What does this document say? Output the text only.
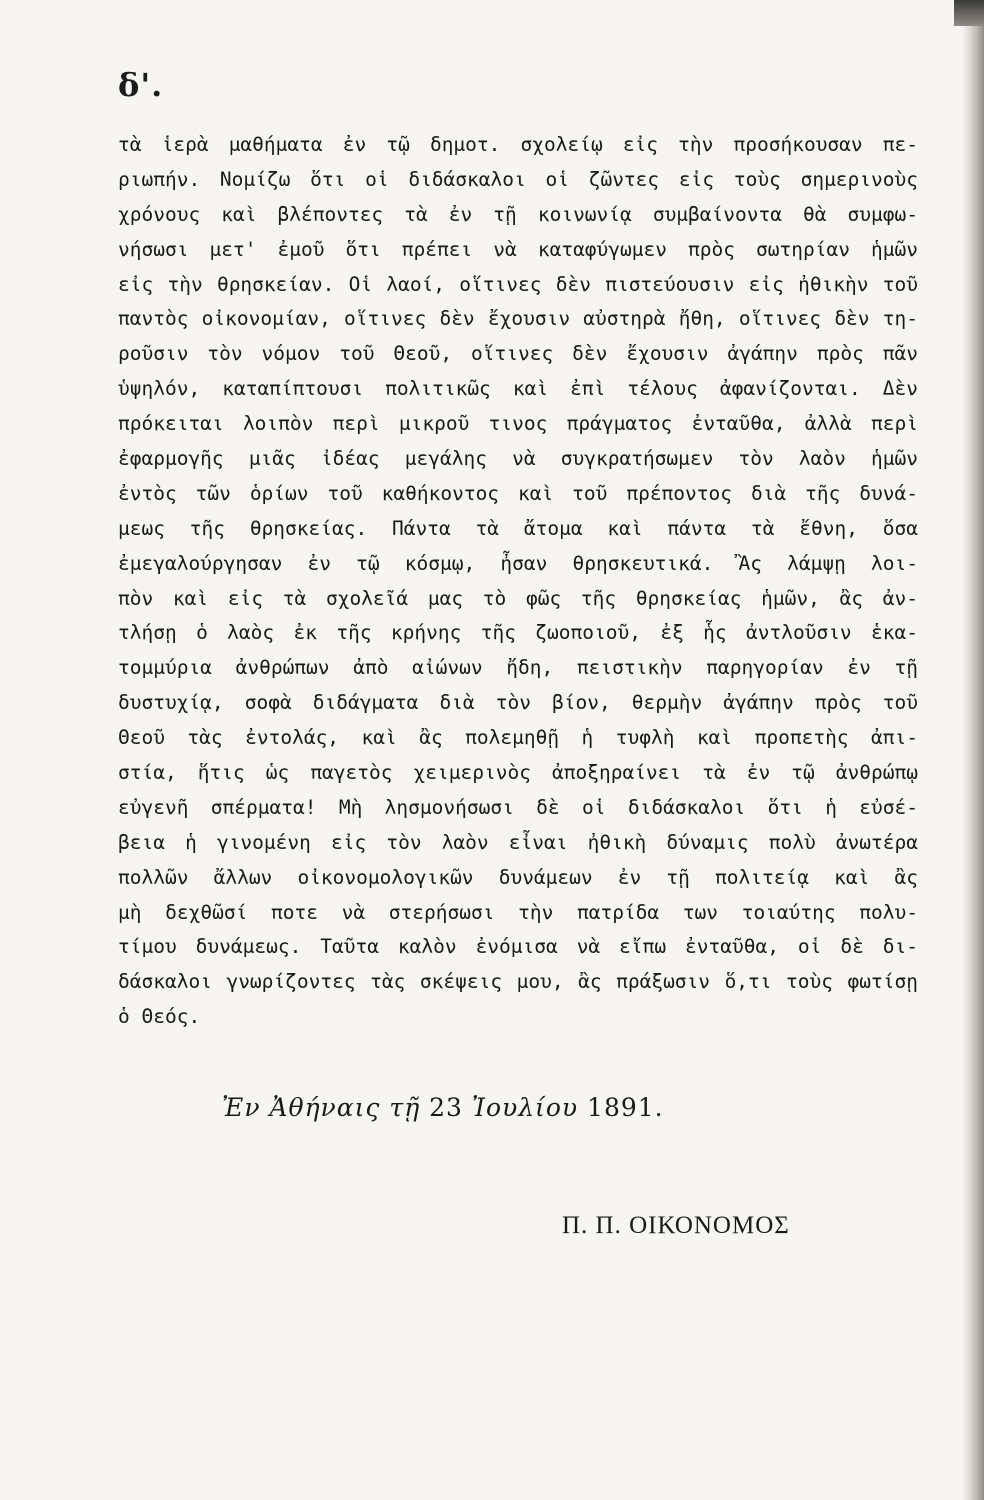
δ'.
τὰ ἱερὰ μαθήματα ἐν τῷ δημοτ. σχολείῳ εἰς τὴν προσήκουσαν πε-
ριωπήν. Νομίζω ὅτι οἱ διδάσκαλοι οἱ ζῶντες εἰς τοὺς σημερινοὺς
χρόνους καὶ βλέποντες τὰ ἐν τῇ κοινωνίᾳ συμβαίνοντα θὰ συμφω-
νήσωσι μετ' ἐμοῦ ὅτι πρέπει νὰ καταφύγωμεν πρὸς σωτηρίαν ἡμῶν
εἰς τὴν θρησκείαν. Οἱ λαοί, οἵτινες δὲν πιστεύουσιν εἰς ἠθικὴν τοῦ
παντὸς οἰκονομίαν, οἵτινες δὲν ἔχουσιν αὐστηρὰ ἤθη, οἵτινες δὲν τη-
ροῦσιν τὸν νόμον τοῦ Θεοῦ, οἵτινες δὲν ἔχουσιν ἀγάπην πρὸς πᾶν
ὑψηλόν, καταπίπτουσι πολιτικῶς καὶ ἐπὶ τέλους ἀφανίζονται. Δὲν
πρόκειται λοιπὸν περὶ μικροῦ τινος πράγματος ἐνταῦθα, ἀλλὰ περὶ
ἐφαρμογῆς μιᾶς ἰδέας μεγάλης νὰ συγκρατήσωμεν τὸν λαὸν ἡμῶν
ἐντὸς τῶν ὁρίων τοῦ καθήκοντος καὶ τοῦ πρέποντος διὰ τῆς δυνά-
μεως τῆς θρησκείας. Πάντα τὰ ἄτομα καὶ πάντα τὰ ἔθνη, ὅσα
ἐμεγαλούργησαν ἐν τῷ κόσμῳ, ἦσαν θρησκευτικά. Ἂς λάμψῃ λοι-
πὸν καὶ εἰς τὰ σχολεῖά μας τὸ φῶς τῆς θρησκείας ἡμῶν, ἂς ἀν-
τλήσῃ ὁ λαὸς ἐκ τῆς κρήνης τῆς ζωοποιοῦ, ἐξ ἧς ἀντλοῦσιν ἑκα-
τομμύρια ἀνθρώπων ἀπὸ αἰώνων ἤδη, πειστικὴν παρηγορίαν ἐν τῇ
δυστυχίᾳ, σοφὰ διδάγματα διὰ τὸν βίον, θερμὴν ἀγάπην πρὸς τοῦ
Θεοῦ τὰς ἐντολάς, καὶ ἂς πολεμηθῇ ἡ τυφλὴ καὶ προπετὴς ἀπι-
στία, ἥτις ὡς παγετὸς χειμερινὸς ἀποξηραίνει τὰ ἐν τῷ ἀνθρώπῳ
εὐγενῆ σπέρματα! Μὴ λησμονήσωσι δὲ οἱ διδάσκαλοι ὅτι ἡ εὐσέ-
βεια ἡ γινομένη εἰς τὸν λαὸν εἶναι ἠθικὴ δύναμις πολὺ ἀνωτέρα
πολλῶν ἄλλων οἰκονομολογικῶν δυνάμεων ἐν τῇ πολιτείᾳ καὶ ἂς
μὴ δεχθῶσί ποτε νὰ στερήσωσι τὴν πατρίδα των τοιαύτης πολυ-
τίμου δυνάμεως. Ταῦτα καλὸν ἐνόμισα νὰ εἴπω ἐνταῦθα, οἱ δὲ δι-
δάσκαλοι γνωρίζοντες τὰς σκέψεις μου, ἂς πράξωσιν ὅ,τι τοὺς φωτίσῃ
ὁ Θεός.
Ἐν Ἀθήναις τῇ 23 Ἰουλίου 1891.
Π. Π. ΟΙΚΟΝΟΜΟΣ
